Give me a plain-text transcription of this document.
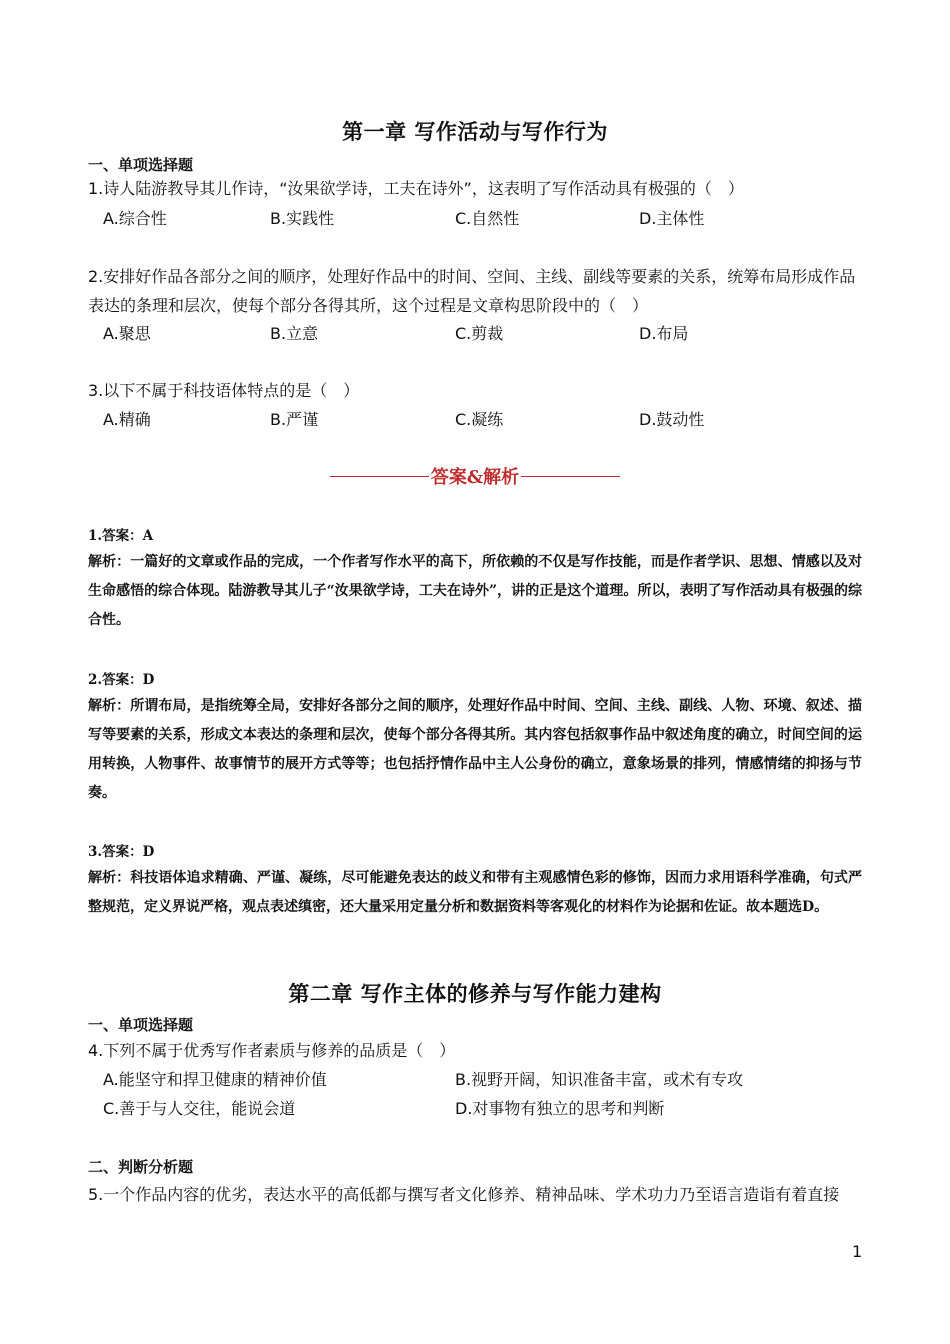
第一章 写作活动与写作行为
一、单项选择题
1.诗人陆游教导其儿作诗，“汝果欲学诗，工夫在诗外”，这表明了写作活动具有极强的（　）
A.综合性	B.实践性	C.自然性	D.主体性
2.安排好作品各部分之间的顺序，处理好作品中的时间、空间、主线、副线等要素的关系，统筹布局形成作品表达的条理和层次，使每个部分各得其所，这个过程是文章构思阶段中的（　）
A.聚思	B.立意	C.剪裁	D.布局
3.以下不属于科技语体特点的是（　）
A.精确	B.严谨	C.凝练	D.鼓动性
答案&解析
1.答案：A
解析：一篇好的文章或作品的完成，一个作者写作水平的高下，所依赖的不仅是写作技能，而是作者学识、思想、情感以及对生命感悟的综合体现。陆游教导其儿子“汝果欲学诗，工夫在诗外”，讲的正是这个道理。所以，表明了写作活动具有极强的综合性。
2.答案：D
解析：所谓布局，是指统筹全局，安排好各部分之间的顺序，处理好作品中时间、空间、主线、副线、人物、环境、叙述、描写等要素的关系，形成文本表达的条理和层次，使每个部分各得其所。其内容包括叙事作品中叙述角度的确立，时间空间的运用转换，人物事件、故事情节的展开方式等等；也包括抒情作品中主人公身份的确立，意象场景的排列，情感情绪的抑扬与节奏。
3.答案：D
解析：科技语体追求精确、严谨、凝练，尽可能避免表达的歧义和带有主观感情色彩的修饰，因而力求用语科学准确，句式严整规范，定义界说严格，观点表述缜密，还大量采用定量分析和数据资料等客观化的材料作为论据和佐证。故本题选D。
第二章 写作主体的修养与写作能力建构
一、单项选择题
4.下列不属于优秀写作者素质与修养的品质是（　）
A.能坚守和捍卫健康的精神价值	B.视野开阔，知识准备丰富，或术有专攻
C.善于与人交往，能说会道	D.对事物有独立的思考和判断
二、判断分析题
5.一个作品内容的优劣，表达水平的高低都与撰写者文化修养、精神品味、学术功力乃至语言造诣有着直接
1
